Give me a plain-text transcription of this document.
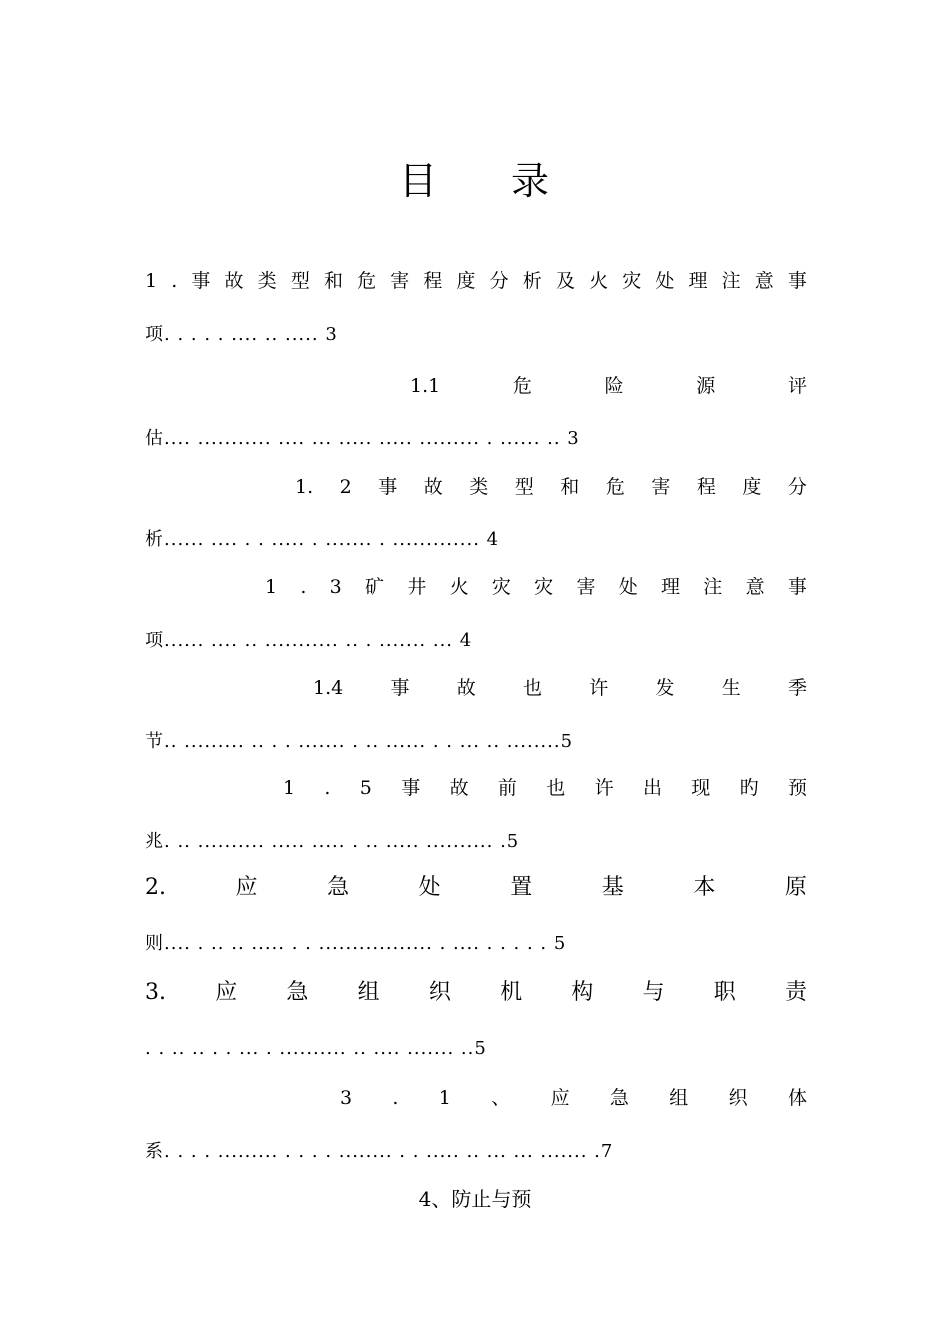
目 录
1 . 事 故 类 型 和 危 害 程 度 分 析 及 火 灾 处 理 注 意 事
项. . . . . .... .. ..... 3
1.1	危	险	源	评
估.... ........... .... ... ..... ..... ......... . ...... .. 3
1. 2 事 故 类 型 和 危 害 程 度 分
析...... .... . . ..... . ....... . ............. 4
1 . 3 矿 井 火 灾 灾 害 处 理 注 意 事
项...... .... .. ........... .. . ....... ... 4
1.4 事 故 也 许 发 生 季
节.. ......... .. . . ....... . .. ...... . . ... .. ........5
1 . 5 事 故 前 也 许 出 现 旳 预
兆. .. .......... ..... ..... . .. ..... .......... .5
2.	应	急	处	置	基	本	原
则.... . .. .. ..... . . ................. . .... . . . . . 5
3. 应 急 组 织 机 构 与 职 责
. . .. .. . . ... . .......... .. .... ....... ..5
3 . 1 、 应 急 组 织 体
系. . . . ......... . . . . ........ . . ..... .. ... ... ....... .7
4、防止与预
